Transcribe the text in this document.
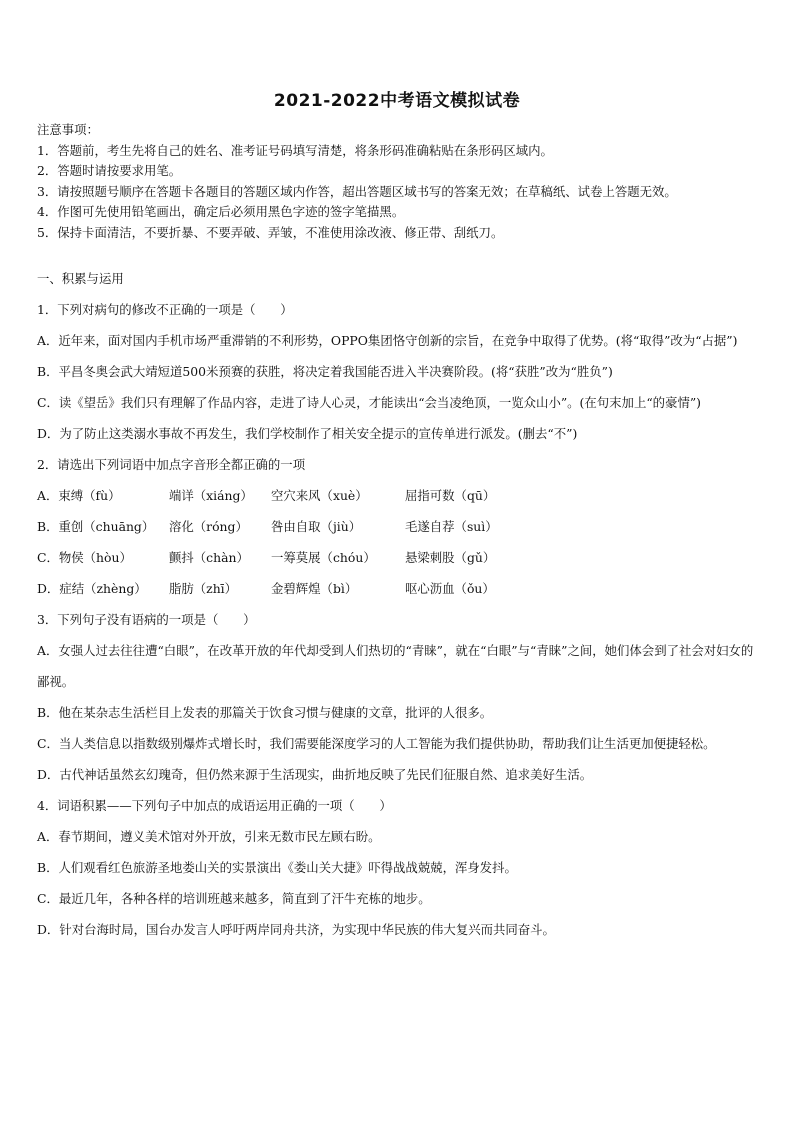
2021-2022中考语文模拟试卷
注意事项：
1．答题前，考生先将自己的姓名、准考证号码填写清楚，将条形码准确粘贴在条形码区域内。
2．答题时请按要求用笔。
3．请按照题号顺序在答题卡各题目的答题区域内作答，超出答题区域书写的答案无效；在草稿纸、试卷上答题无效。
4．作图可先使用铅笔画出，确定后必须用黑色字迹的签字笔描黑。
5．保持卡面清洁，不要折暴、不要弄破、弄皱，不准使用涂改液、修正带、刮纸刀。
一、积累与运用
1．下列对病句的修改不正确的一项是（　　）
A．近年来，面对国内手机市场严重滞销的不利形势，OPPO集团恪守创新的宗旨，在竞争中取得了优势。(将“取得”改为“占据”)
B．平昌冬奥会武大靖短道500米预赛的获胜，将决定着我国能否进入半决赛阶段。(将“获胜”改为“胜负”)
C．读《望岳》我们只有理解了作品内容，走进了诗人心灵，才能读出“会当凌绝顶，一览众山小”。(在句末加上“的豪情”)
D．为了防止这类溺水事故不再发生，我们学校制作了相关安全提示的宣传单进行派发。(删去“不”)
2．请选出下列词语中加点字音形全都正确的一项
A．束缚（fù）	端详（xiáng）	空穴来风（xuè）	屈指可数（qū）
B．重创（chuāng）	溶化（róng）	咎由自取（jiù）	毛遂自荐（suì）
C．物侯（hòu）	颤抖（chàn）	一筹莫展（chóu）	悬梁刺股（gǔ）
D．症结（zhèng）	脂肪（zhī）	金碧辉煌（bì）	呕心沥血（ǒu）
3．下列句子没有语病的一项是（　　）
A．女强人过去往往遭“白眼”，在改革开放的年代却受到人们热切的“青睐”，就在“白眼”与“青睐”之间，她们体会到了社会对妇女的鄙视。
B．他在某杂志生活栏目上发表的那篇关于饮食习惯与健康的文章，批评的人很多。
C．当人类信息以指数级别爆炸式增长时，我们需要能深度学习的人工智能为我们提供协助，帮助我们让生活更加便捷轻松。
D．古代神话虽然玄幻瑰奇，但仍然来源于生活现实，曲折地反映了先民们征服自然、追求美好生活。
4．词语积累——下列句子中加点的成语运用正确的一项（　　）
A．春节期间，遵义美术馆对外开放，引来无数市民左顾右盼。
B．人们观看红色旅游圣地娄山关的实景演出《娄山关大捷》吓得战战兢兢，浑身发抖。
C．最近几年，各种各样的培训班越来越多，简直到了汗牛充栋的地步。
D．针对台海时局，国台办发言人呼吁两岸同舟共济，为实现中华民族的伟大复兴而共同奋斗。
